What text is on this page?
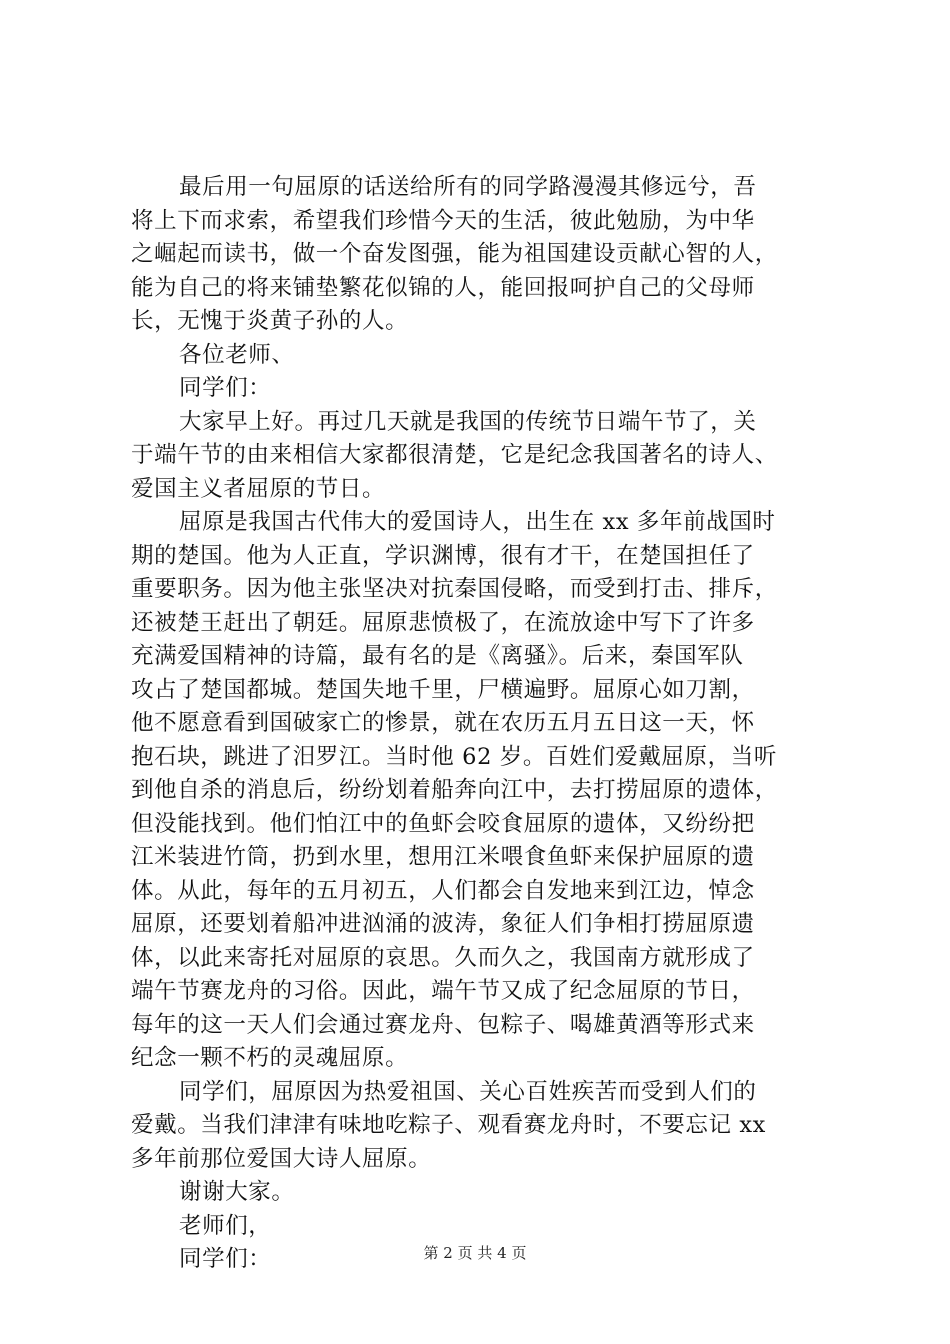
最后用一句屈原的话送给所有的同学路漫漫其修远兮，吾
将上下而求索，希望我们珍惜今天的生活，彼此勉励，为中华
之崛起而读书，做一个奋发图强，能为祖国建设贡献心智的人，
能为自己的将来铺垫繁花似锦的人，能回报呵护自己的父母师
长，无愧于炎黄子孙的人。
各位老师、
同学们：
大家早上好。再过几天就是我国的传统节日端午节了，关
于端午节的由来相信大家都很清楚，它是纪念我国著名的诗人、
爱国主义者屈原的节日。
屈原是我国古代伟大的爱国诗人，出生在 xx 多年前战国时
期的楚国。他为人正直，学识渊博，很有才干，在楚国担任了
重要职务。因为他主张坚决对抗秦国侵略，而受到打击、排斥，
还被楚王赶出了朝廷。屈原悲愤极了，在流放途中写下了许多
充满爱国精神的诗篇，最有名的是《离骚》。后来，秦国军队
攻占了楚国都城。楚国失地千里，尸横遍野。屈原心如刀割，
他不愿意看到国破家亡的惨景，就在农历五月五日这一天，怀
抱石块，跳进了汨罗江。当时他 62 岁。百姓们爱戴屈原，当听
到他自杀的消息后，纷纷划着船奔向江中，去打捞屈原的遗体，
但没能找到。他们怕江中的鱼虾会咬食屈原的遗体，又纷纷把
江米装进竹筒，扔到水里，想用江米喂食鱼虾来保护屈原的遗
体。从此，每年的五月初五，人们都会自发地来到江边，悼念
屈原，还要划着船冲进汹涌的波涛，象征人们争相打捞屈原遗
体，以此来寄托对屈原的哀思。久而久之，我国南方就形成了
端午节赛龙舟的习俗。因此，端午节又成了纪念屈原的节日，
每年的这一天人们会通过赛龙舟、包粽子、喝雄黄酒等形式来
纪念一颗不朽的灵魂屈原。
同学们，屈原因为热爱祖国、关心百姓疾苦而受到人们的
爱戴。当我们津津有味地吃粽子、观看赛龙舟时，不要忘记 xx
多年前那位爱国大诗人屈原。
谢谢大家。
老师们，
同学们：	第 2 页 共 4 页
